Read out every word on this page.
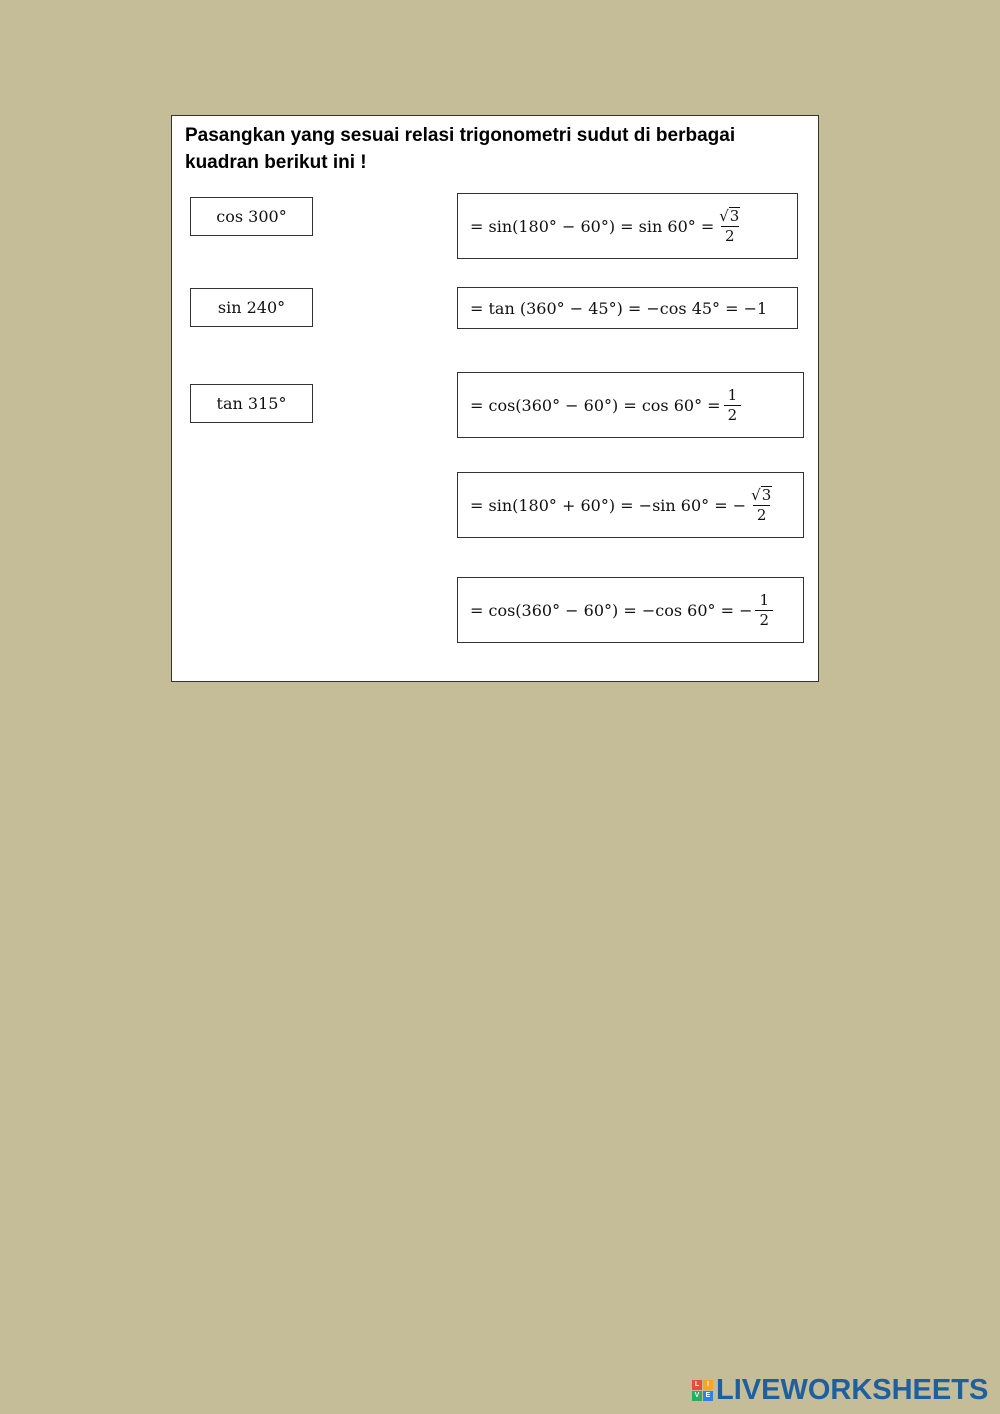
Pasangkan yang sesuai relasi trigonometri sudut di berbagai kuadran berikut ini !

cos 300°
sin 240°
tan 315°
= $\sin(180^\circ - 60^\circ) = \sin 60^\circ = \frac{√ 3}{2}$
= tan (360° − 45°) = −cos 45° = −1
= $\cos(360^\circ - 60^\circ) = \cos 60^\circ = \frac{1}{2}$
= sin(180° + 60°) = −sin 60° = − $\frac{√ 3}{2}$
= cos(360° − 60°) = −cos 60° = − $\frac{1}{2}$
L	I
V E LIVEWORKSHEETS
